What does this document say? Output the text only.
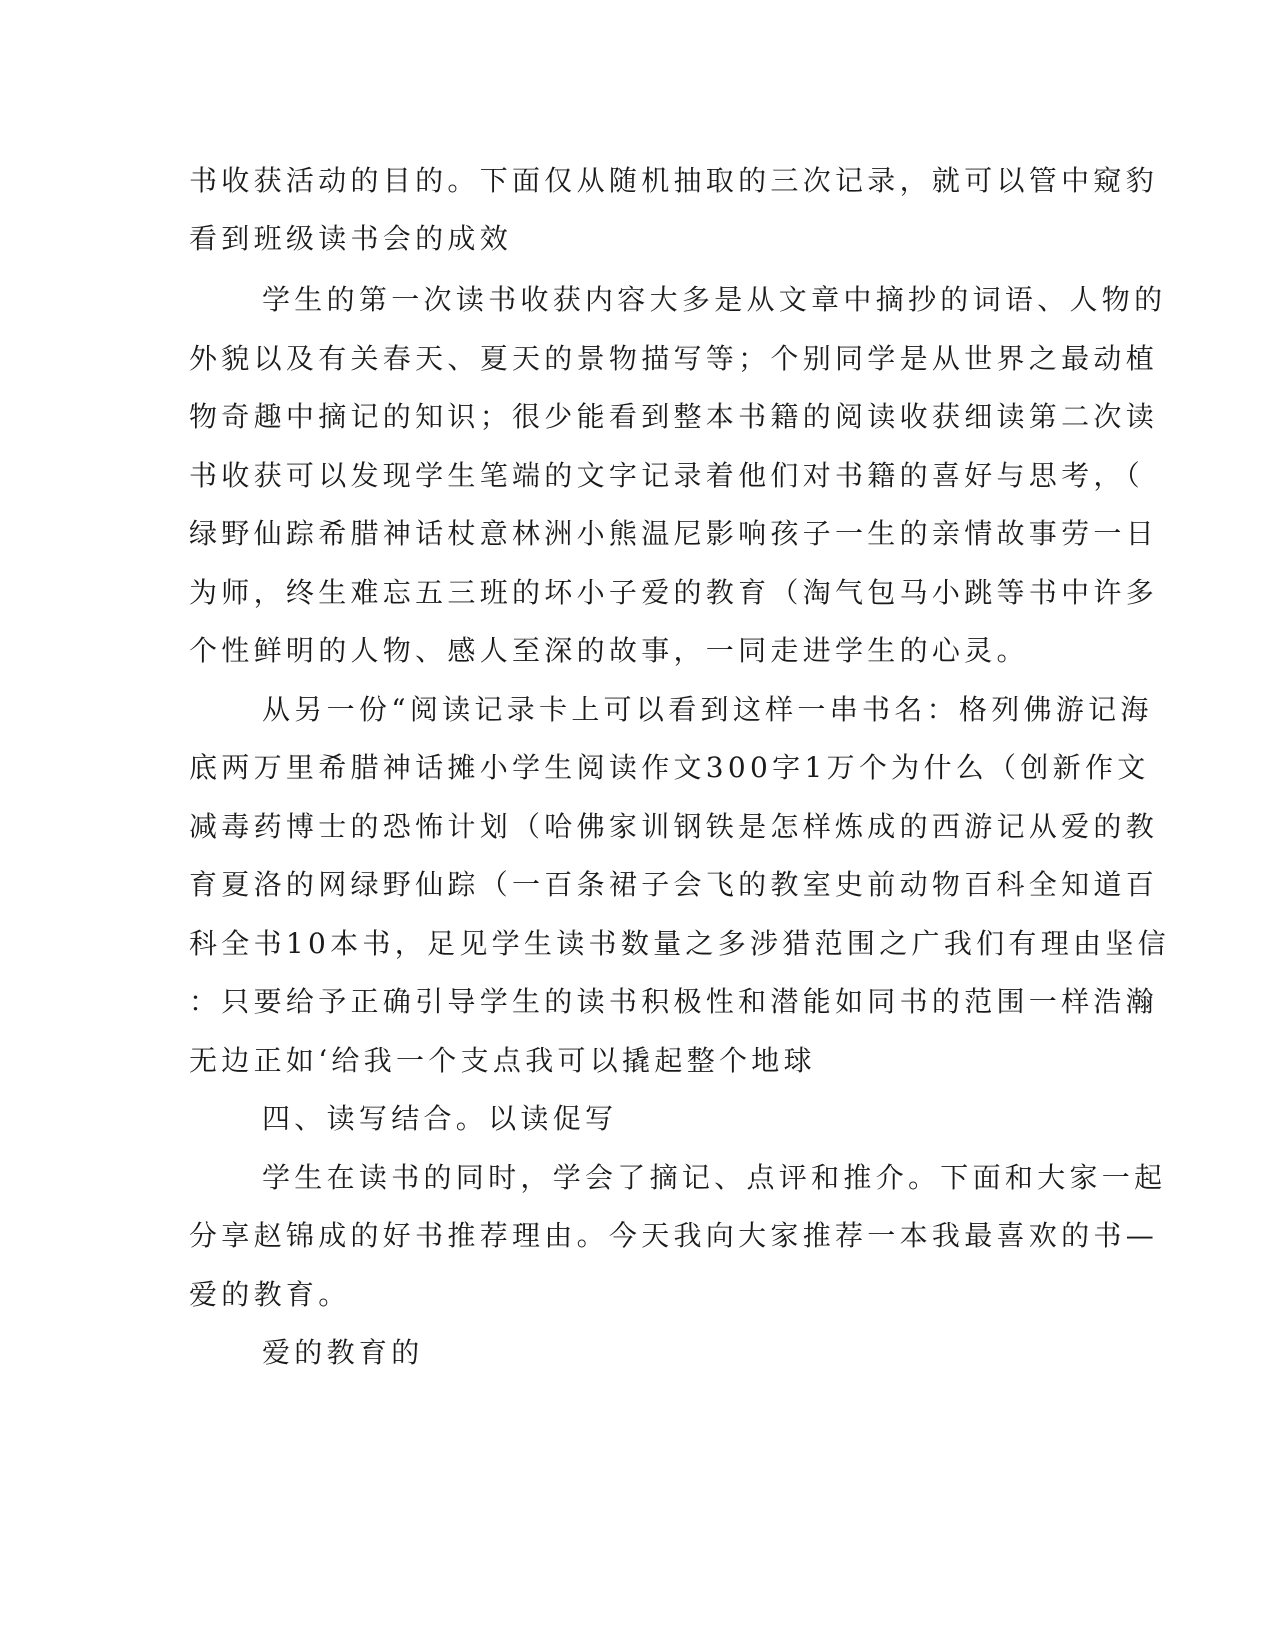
书收获活动的目的。下面仅从随机抽取的三次记录，就可以管中窥豹

看到班级读书会的成效

学生的第一次读书收获内容大多是从文章中摘抄的词语、人物的

外貌以及有关春天、夏天的景物描写等；个别同学是从世界之最动植

物奇趣中摘记的知识；很少能看到整本书籍的阅读收获细读第二次读

书收获可以发现学生笔端的文字记录着他们对书籍的喜好与思考，（

绿野仙踪希腊神话杖意林洲小熊温尼影响孩子一生的亲情故事劳一日

为师，终生难忘五三班的坏小子爱的教育（淘气包马小跳等书中许多

个性鲜明的人物、感人至深的故事，一同走进学生的心灵。

从另一份“阅读记录卡上可以看到这样一串书名：格列佛游记海

底两万里希腊神话摊小学生阅读作文300字1万个为什么（创新作文

减毒药博士的恐怖计划（哈佛家训钢铁是怎样炼成的西游记从爱的教

育夏洛的网绿野仙踪（一百条裙子会飞的教室史前动物百科全知道百

科全书10本书，足见学生读书数量之多涉猎范围之广我们有理由坚信

：只要给予正确引导学生的读书积极性和潜能如同书的范围一样浩瀚

无边正如‘给我一个支点我可以撬起整个地球

四、读写结合。以读促写

学生在读书的同时，学会了摘记、点评和推介。下面和大家一起

分享赵锦成的好书推荐理由。今天我向大家推荐一本我最喜欢的书—

爱的教育。

爱的教育的
